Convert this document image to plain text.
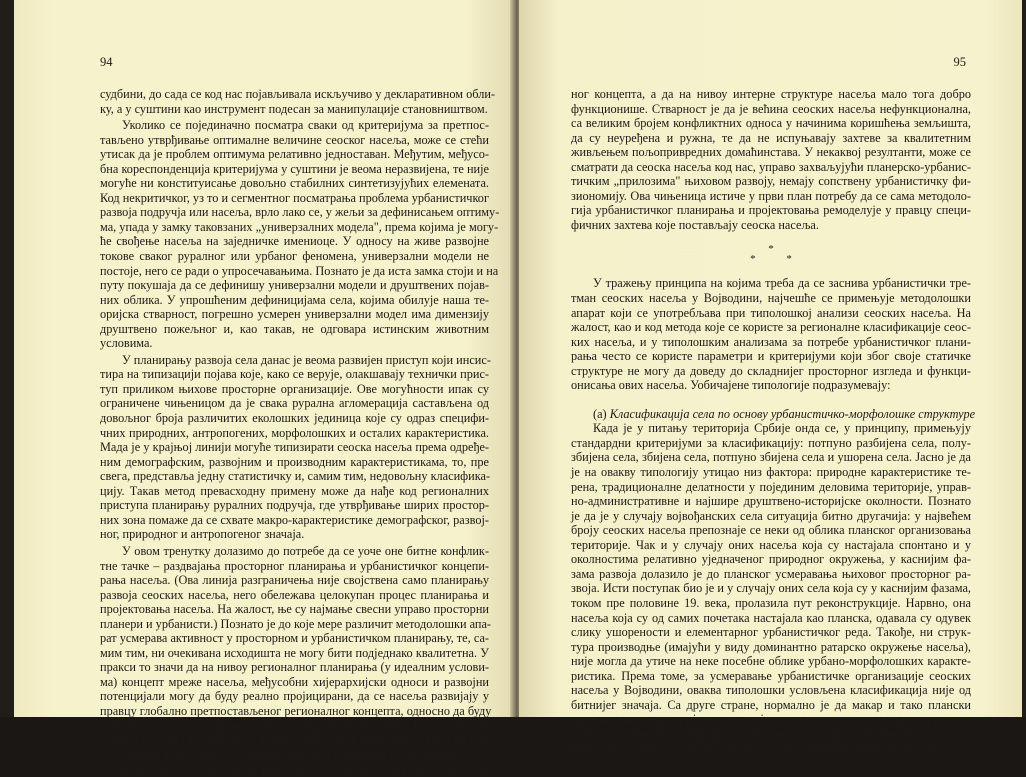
94
судбини, до сада се код нас појављивала искључиво у декларативном обли-
ку, а у суштини као инструмент подесан за манипулације становништвом.
Уколико се појединачно посматра сваки од критеријума за претпос-
тављено утврђивање оптималне величине сеоског насеља, може се стећи
утисак да је проблем оптимума релативно једноставан. Међутим, међусо-
бна кореспонденција критеријума у суштини је веома неразвијена, те није
могуће ни конституисање довољно стабилних синтетизујућих елемената.
Код некритичког, уз то и сегментног посматрања проблема урбанистичког
развоја подручја или насеља, врло лако се, у жељи за дефинисањем оптиму-
ма, упада у замку таковзаних „универзалних модела", према којима је могу-
ће свођење насеља на заједничке имениоце. У односу на живе развојне
токове сваког руралног или урбаног феномена, универзални модели не
постоје, него се ради о упросечавањима. Познато је да иста замка стоји и на
путу покушаја да се дефинишу универзални модели и друштвених појав-
них облика. У упрошћеним дефиницијама села, којима обилује наша те-
оријска стварност, погрешно усмерен универзални модел има димензију
друштвено пожељног и, као такав, не одговара истинским животним
условима.
У планирању развоја села данас је веома развијен приступ који инсис-
тира на типизацији појава које, како се верује, олакшавају технички прис-
туп приликом њихове просторне организације. Ове могућности ипак су
ограничене чињеницом да је свака рурална агломерација састављена од
довољног броја различитих еколошких јединица које су одраз специфи-
чних природних, антропогених, морфолошких и осталих карактеристика.
Мада је у крајњој линији могуће типизирати сеоска насеља према одређе-
ним демографским, развојним и производним карактеристикама, то, пре
свега, представља једну статистичку и, самим тим, недовољну класифика-
цију. Такав метод превасходну примену може да нађе код регионалних
приступа планирању руралних подручја, где утврђивање ширих простор-
них зона помаже да се схвате макро-карактеристике демографског, развој-
ног, природног и антропогеног значаја.
У овом тренутку долазимо до потребе да се уоче оне битне конфлик-
тне тачке – раздвајања просторног планирања и урбанистичког концепи-
рања насеља. (Ова линија разграничења није својствена само планирању
развоја сеоских насеља, него обележава целокупан процес планирања и
пројектовања насеља. На жалост, ње су најмање свесни управо просторни
планери и урбанисти.) Познато је до које мере различит методолошки апа-
рат усмерава активност у просторном и урбанистичком планирању, те, са-
мим тим, ни очекивана исходишта не могу бити подједнако квалитетна. У
пракси то значи да на нивоу регионалног планирања (у идеалним услови-
ма) концепт мреже насеља, међусобни хијерархијски односи и развојни
потенцијали могу да буду реално пројицирани, да се насеља развијају у
правцу глобално претпостављеног регионалног концепта, односно да буду
у функцији битних националних стратешких опредељења. То још увек не
значи да се насеља развијају складно, јер у компоненти просторно-план-
ског развоја није садржана урбанистичка. Другим речима, то говори да су
на изглед насеља уклопљена у шему некаквог шире замишљеног простор-
95
ног концепта, а да на нивоу интерне структуре насеља мало тога добро
функционише. Стварност је да је већина сеоских насеља нефункционална,
са великим бројем конфликтних односа у начинима коришћења земљишта,
да су неуређена и ружна, те да не испуњавају захтеве за квалитетним
живљењем пољопривредних домаћинстава. У некаквој резултанти, може се
сматрати да сеоска насеља код нас, управо захваљујући планерско-урбанис-
тичким „прилозима" њиховом развоју, немају сопствену урбанистичку фи-
зиономију. Ова чињеница истиче у први план потребу да се сама методоло-
гија урбанистичког планирања и пројектовања ремоделује у правцу специ-
фичних захтева које постављају сеоска насеља.
*
* *
У тражењу принципа на којима треба да се заснива урбанистички тре-
тман сеоских насеља у Војводини, најчешће се примењује методолошки
апарат који се употребљава при типолошкој анализи сеоских насеља. На
жалост, као и код метода које се користе за регионалне класификације сеос-
ких насеља, и у типолошким анализама за потребе урбанистичког плани-
рања често се користе параметри и критеријуми који због своје статичке
структуре не могу да доведу до складнијег просторног изгледа и функци-
онисања ових насеља. Уобичајене типологије подразумевају:
(а) Класификација села по основу урбанистичко-морфолошке структуре
Када је у питању територија Србије онда се, у принципу, примењују
стандардни критеријуми за класификацију: потпуно разбијена села, полу-
збијена села, збијена села, потпуно збијена села и ушорена села. Јасно је да
је на овакву типологију утицао низ фактора: природне карактеристике те-
рена, традиционалне делатности у појединим деловима територије, управ-
но-административне и најшире друштвено-историјске околности. Познато
је да је у случају војвођанских села ситуација битно другачија: у највећем
броју сеоских насеља препознаје се неки од облика планског организовања
територије. Чак и у случају оних насеља која су настајала спонтано и у
околностима релативно уједначеног природног окружења, у каснијим фа-
зама развоја долазило је до планског усмеравања њиховог просторног ра-
звоја. Исти поступак био је и у случају оних села која су у каснијим фазама,
током пре половине 19. века, пролазила пут реконструкције. Нарвно, она
насеља која су од самих почетака настајала као планска, одавала су одувек
слику ушорености и елементарног урбанистичког реда. Такође, ни струк-
тура производње (имајући у виду доминантно ратарско окружење насеља),
није могла да утиче на неке посебне облике урбано-морфолошких каракте-
ристика. Према томе, за усмеравање урбанистичке организације сеоских
насеља у Војводини, оваква типолошки условљена класификација није од
битнијег значаја. Са друге стране, нормално је да макар и тако плански
организована територија насеља није успела да издржи искушења времена
у којем се мењала демографска, производна, друштвено-економска и соци-
јална структура села. Отуда смо данас сведоци да традиционална урбанис-
